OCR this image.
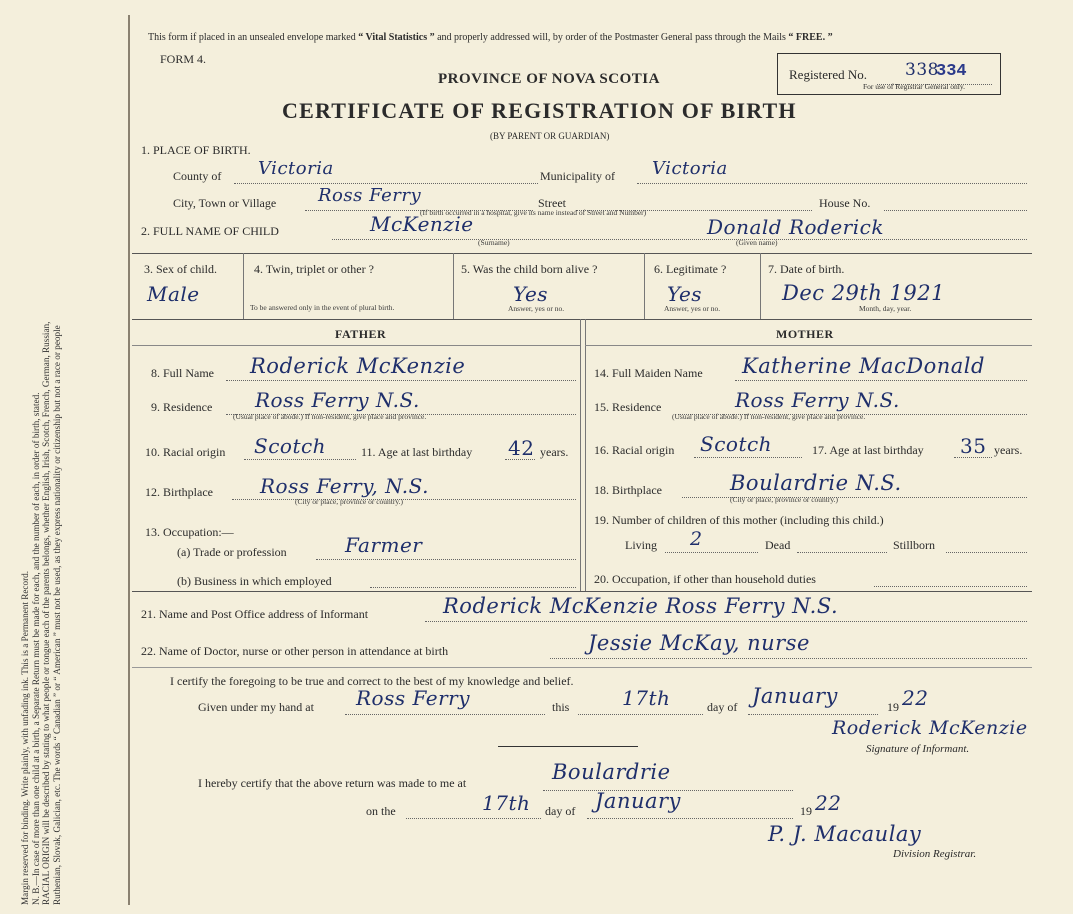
Margin reserved for binding. Write plainly, with unfading ink. This is a Permanent Record. N. B.—In case of more than one child at a birth, a Separate Return must be made for each, and the number of each, in order of birth, stated. RACIAL ORIGIN will be described by stating to what people or tongue each of the parents belongs, whether English, Irish, Scotch, French, German, Russian, Ruthenian, Slovak, Galician, etc. The words “ Canadian ” or “ American ” must not be used, as they express nationality or citizenship but not a race or people
This form if placed in an unsealed envelope marked “ Vital Statistics ” and properly addressed will, by order of the Postmaster General pass through the Mails “ FREE. ”
FORM 4.
PROVINCE OF NOVA SCOTIA
CERTIFICATE OF REGISTRATION OF BIRTH
(BY PARENT OR GUARDIAN)
Registered No. 338
334
For use of Registrar General only.
1. PLACE OF BIRTH.
County of Victoria	Municipality of Victoria
City, Town or Village Ross Ferry	Street	House No.
(If birth occurred in a hospital, give its name instead of Street and Number)
2. FULL NAME OF CHILD	McKenzie
(Surname)
Donald Roderick
(Given name)
3. Sex of child.
Male
4. Twin, triplet or other ?
To be answered only in the event of plural birth.
5. Was the child born alive ?
Yes
Answer, yes or no.
6. Legitimate ?
Yes
Answer, yes or no.
7. Date of birth.
Dec 29th 1921
Month, day, year.
FATHER	MOTHER
8. Full Name Roderick McKenzie
9. Residence Ross Ferry N.S.
(Usual place of abode.) If non-resident, give place and province.
10. Racial origin Scotch	11. Age at last birthday 42 years.
12. Birthplace Ross Ferry, N.S.
(City or place, province or country.)
13. Occupation:—
(a) Trade or profession	Farmer
(b) Business in which employed
14. Full Maiden Name Katherine MacDonald
15. Residence	Ross Ferry N.S.
(Usual place of abode.) If non-resident, give place and province.
16. Racial origin Scotch	17. Age at last birthday 35 years.
18. Birthplace	Boulardrie N.S.
(City or place, province or country.)
19. Number of children of this mother (including this child.)
Living 2	Dead	Stillborn
20. Occupation, if other than household duties
21. Name and Post Office address of Informant	Roderick McKenzie Ross Ferry N.S.
22. Name of Doctor, nurse or other person in attendance at birth	Jessie McKay, nurse
I certify the foregoing to be true and correct to the best of my knowledge and belief.
Given under my hand at Ross Ferry	this	17th	day of January	19 22
Roderick McKenzie
Signature of Informant.
I hereby certify that the above return was made to me at	Boulardrie
on the	17th day of January	19 22
P. J. Macaulay
Division Registrar.
